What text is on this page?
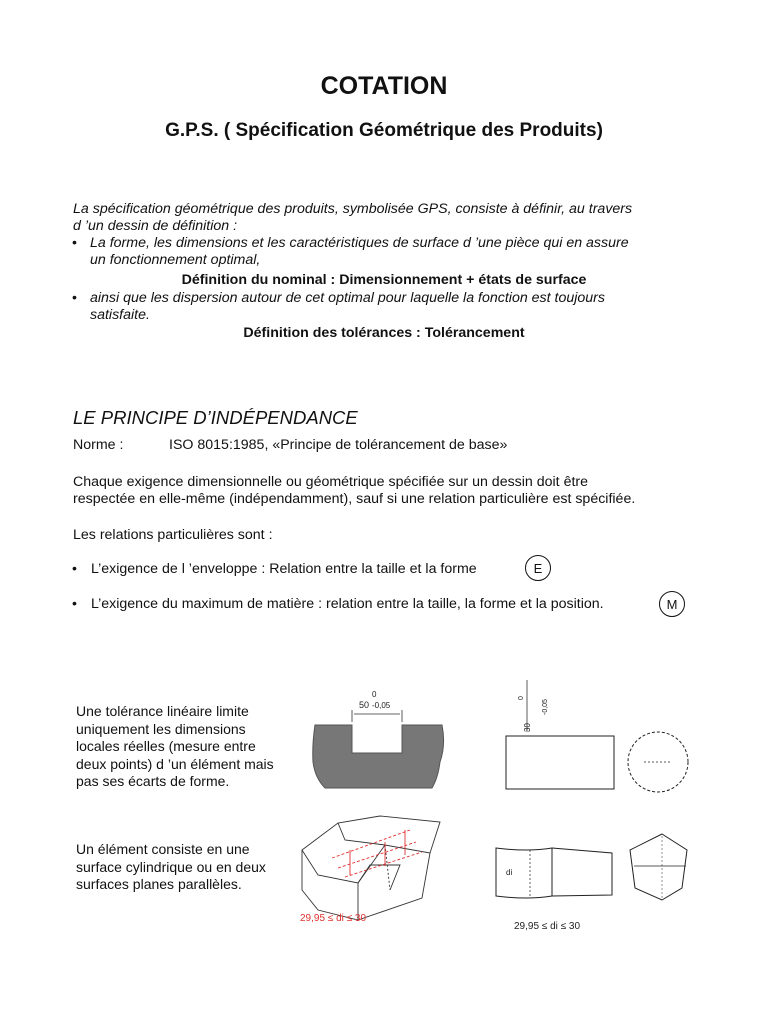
COTATION
G.P.S. ( Spécification Géométrique des Produits)
La spécification géométrique des produits, symbolisée GPS, consiste à définir, au travers
d ’un dessin de définition :
• La forme, les dimensions et les caractéristiques de surface d ’une pièce qui en assure
un fonctionnement optimal,
Définition du nominal : Dimensionnement + états de surface
• ainsi que les dispersion autour de cet optimal pour laquelle la fonction est toujours
satisfaite.
Définition des tolérances : Tolérancement
LE PRINCIPE D’INDÉPENDANCE
Norme :	ISO 8015:1985, «Principe de tolérancement de base»
Chaque exigence dimensionnelle ou géométrique spécifiée sur un dessin doit être
respectée en elle-même (indépendamment), sauf si une relation particulière est spécifiée.
Les relations particulières sont :
• L’exigence de l ’enveloppe : Relation entre la taille et la forme	E
• L’exigence du maximum de matière : relation entre la taille, la forme et la position.	M
Une tolérance linéaire limite uniquement les dimensions locales réelles (mesure entre deux points) d ’un élément mais pas ses écarts de forme.
Un élément consiste en une surface cylindrique ou en deux surfaces planes parallèles.
50
0
-0,05
29,95 ≤ di ≤ 30
30
0
-0,05
di
29,95 ≤ di ≤ 30
